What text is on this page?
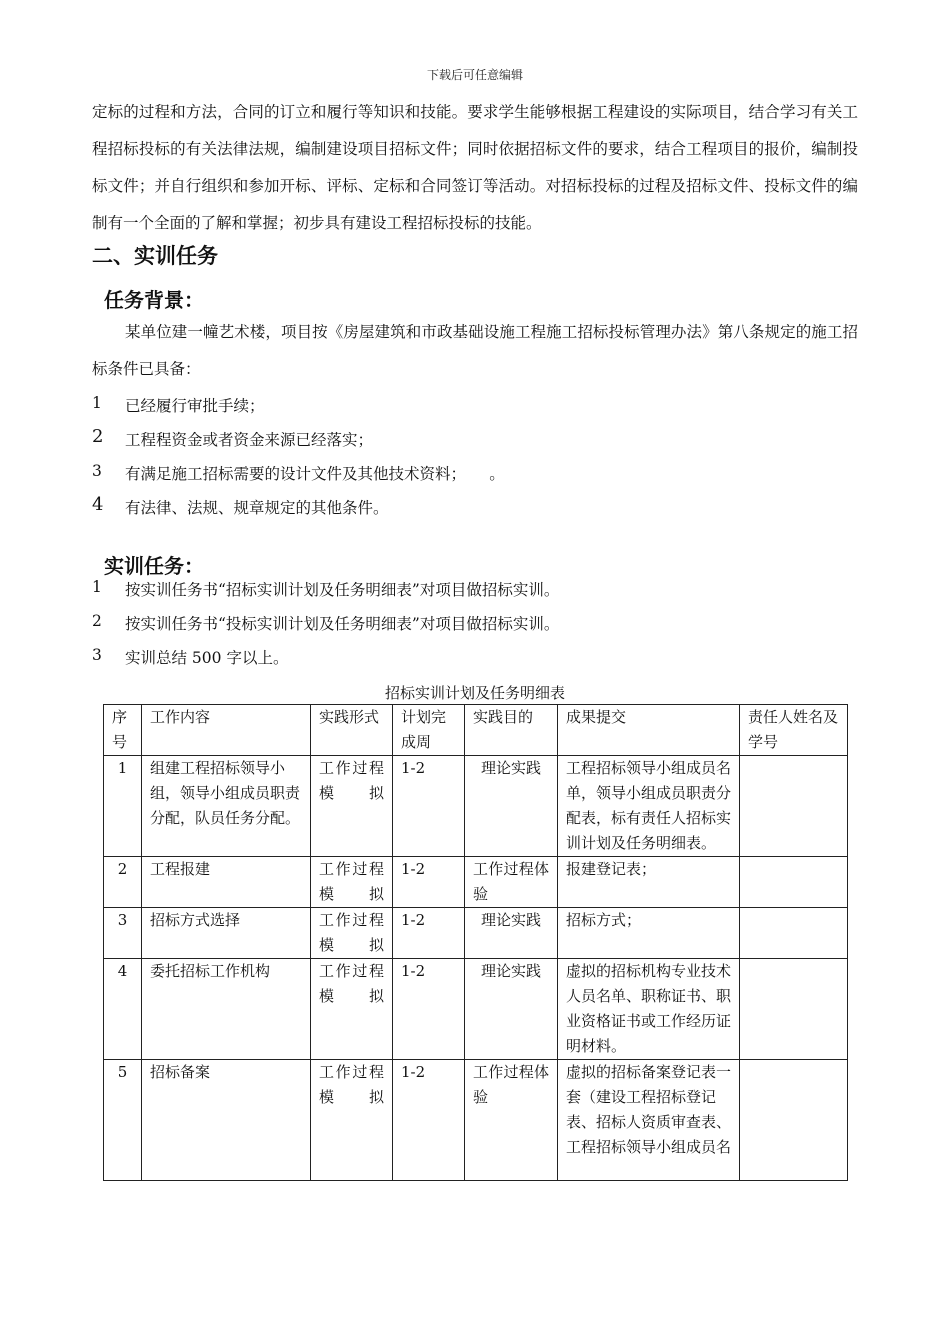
下载后可任意编辑

定标的过程和方法，合同的订立和履行等知识和技能。要求学生能够根据工程建设的实际项目，结合学习有关工程招标投标的有关法律法规，编制建设项目招标文件；同时依据招标文件的要求，结合工程项目的报价，编制投标文件；并自行组织和参加开标、评标、定标和合同签订等活动。对招标投标的过程及招标文件、投标文件的编制有一个全面的了解和掌握；初步具有建设工程招标投标的技能。

二、实训任务
任务背景：

某单位建一幢艺术楼，项目按《房屋建筑和市政基础设施工程施工招标投标管理办法》第八条规定的施工招标条件已具备：

1	已经履行审批手续；
2	工程程资金或者资金来源已经落实；
3	有满足施工招标需要的设计文件及其他技术资料；　　。
4	有法律、法规、规章规定的其他条件。
实训任务：
1	按实训任务书“招标实训计划及任务明细表”对项目做招标实训。
2	按实训任务书“投标实训计划及任务明细表”对项目做招标实训。
3	实训总结 500 字以上。
招标实训计划及任务明细表
序号	工作内容	实践形式	计划完成周	实践目的	成果提交	责任人姓名及学号
1	组建工程招标领导小组，领导小组成员职责分配，队员任务分配。	工作过程模拟	1-2	理论实践	工程招标领导小组成员名单，领导小组成员职责分配表，标有责任人招标实训计划及任务明细表。	
2	工程报建	工作过程模拟	1-2	工作过程体验	报建登记表；	
3	招标方式选择	工作过程模拟	1-2	理论实践	招标方式；	
4	委托招标工作机构	工作过程模拟	1-2	理论实践	虚拟的招标机构专业技术人员名单、职称证书、职业资格证书或工作经历证明材料。	
5	招标备案	工作过程模拟	1-2	工作过程体验	虚拟的招标备案登记表一套（建设工程招标登记表、招标人资质审查表、工程招标领导小组成员名	
